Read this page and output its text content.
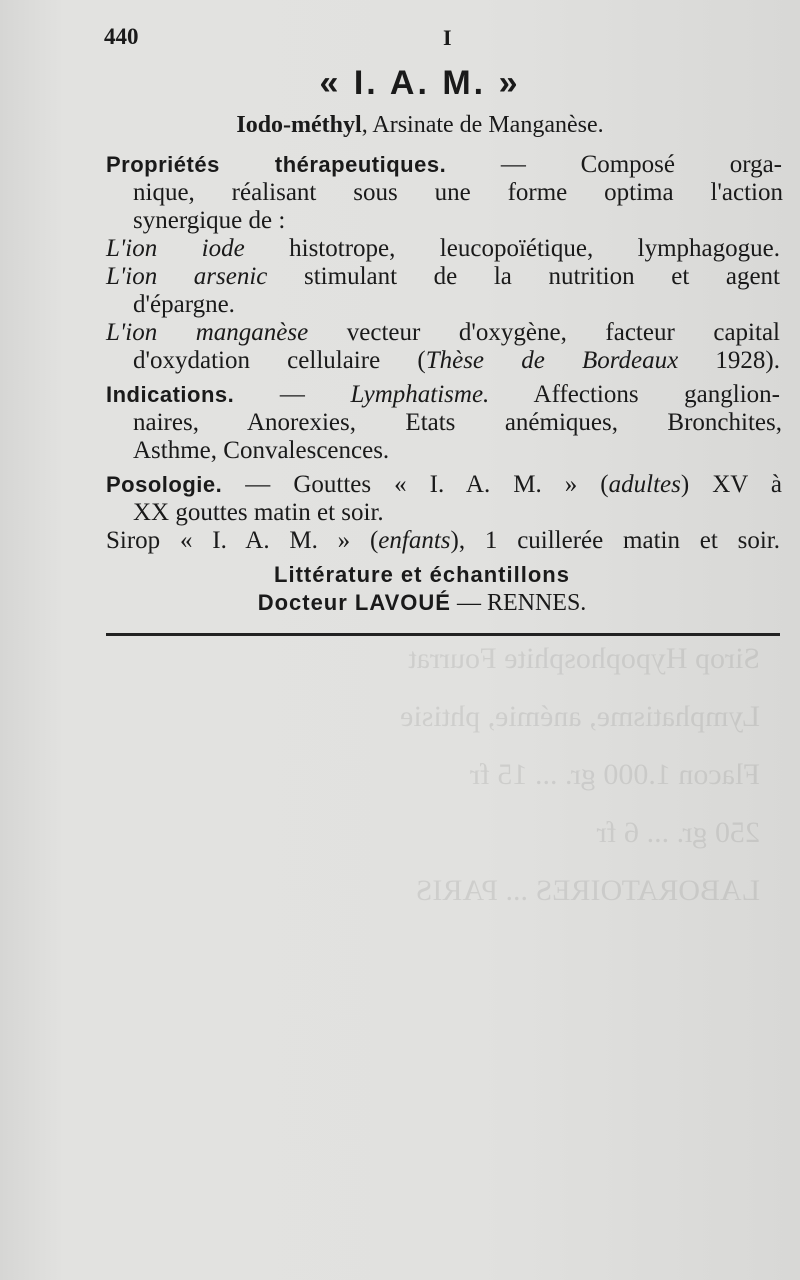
Sirop Hypophosphite Fourrat
Lymphatisme, anémie, phtisie
Flacon 1.000 gr. ... 15 fr
250 gr. ... 6 fr
LABORATOIRES ... PARIS
440	I
« I. A. M. »
Iodo-méthyl, Arsinate de Manganèse.
Propriétés thérapeutiques. — Composé orga-
nique, réalisant sous une forme optima l'action
synergique de :
L'ion iode histotrope, leucopoïétique, lymphagogue.
L'ion arsenic stimulant de la nutrition et agent
d'épargne.
L'ion manganèse vecteur d'oxygène, facteur capital
d'oxydation cellulaire (Thèse de Bordeaux 1928).
Indications. — Lymphatisme. Affections ganglion-
naires, Anorexies, Etats anémiques, Bronchites,
Asthme, Convalescences.
Posologie. — Gouttes « I. A. M. » (adultes) XV à
XX gouttes matin et soir.
Sirop « I. A. M. » (enfants), 1 cuillerée matin et soir.
Littérature et échantillons
Docteur LAVOUÉ — RENNES.
